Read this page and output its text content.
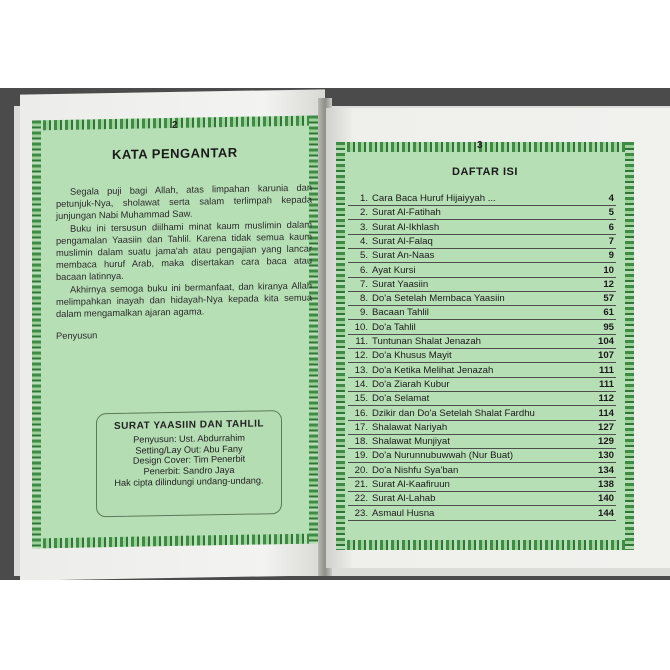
2
KATA PENGANTAR

Segala puji bagi Allah, atas limpahan karunia dan petunjuk-Nya, sholawat serta salam terlimpah kepada junjungan Nabi Muhammad Saw.

Buku ini tersusun diilhami minat kaum muslimin dalam pengamalan Yaasiin dan Tahlil. Karena tidak semua kaum muslimin dalam suatu jama'ah atau pengajian yang lancar membaca huruf Arab, maka disertakan cara baca atau bacaan latinnya.

Akhirnya semoga buku ini bermanfaat, dan kiranya Allah melimpahkan inayah dan hidayah-Nya kepada kita semua dalam mengamalkan ajaran agama.

Penyusun

SURAT YAASIIN DAN TAHLIL
Penyusun: Ust. Abdurrahim
Setting/Lay Out: Abu Fany
Design Cover: Tim Penerbit
Penerbit: Sandro Jaya
Hak cipta dilindungi undang-undang.
3
DAFTAR ISI
1. Cara Baca Huruf Hijaiyyah ...	4
2. Surat Al-Fatihah	5
3. Surat Al-Ikhlash	6
4. Surat Al-Falaq	7
5. Surat An-Naas	9
6. Ayat Kursi	10
7. Surat Yaasiin	12
8. Do'a Setelah Membaca Yaasiin	57
9. Bacaan Tahlil	61
10. Do'a Tahlil	95
11. Tuntunan Shalat Jenazah	104
12. Do'a Khusus Mayit	107
13. Do'a Ketika Melihat Jenazah	111
14. Do'a Ziarah Kubur	111
15. Do'a Selamat	112
16. Dzikir dan Do'a Setelah Shalat Fardhu	114
17. Shalawat Nariyah	127
18. Shalawat Munjiyat	129
19. Do'a Nurunnubuwwah (Nur Buat)	130
20. Do'a Nishfu Sya'ban	134
21. Surat Al-Kaafiruun	138
22. Surat Al-Lahab	140
23. Asmaul Husna	144
